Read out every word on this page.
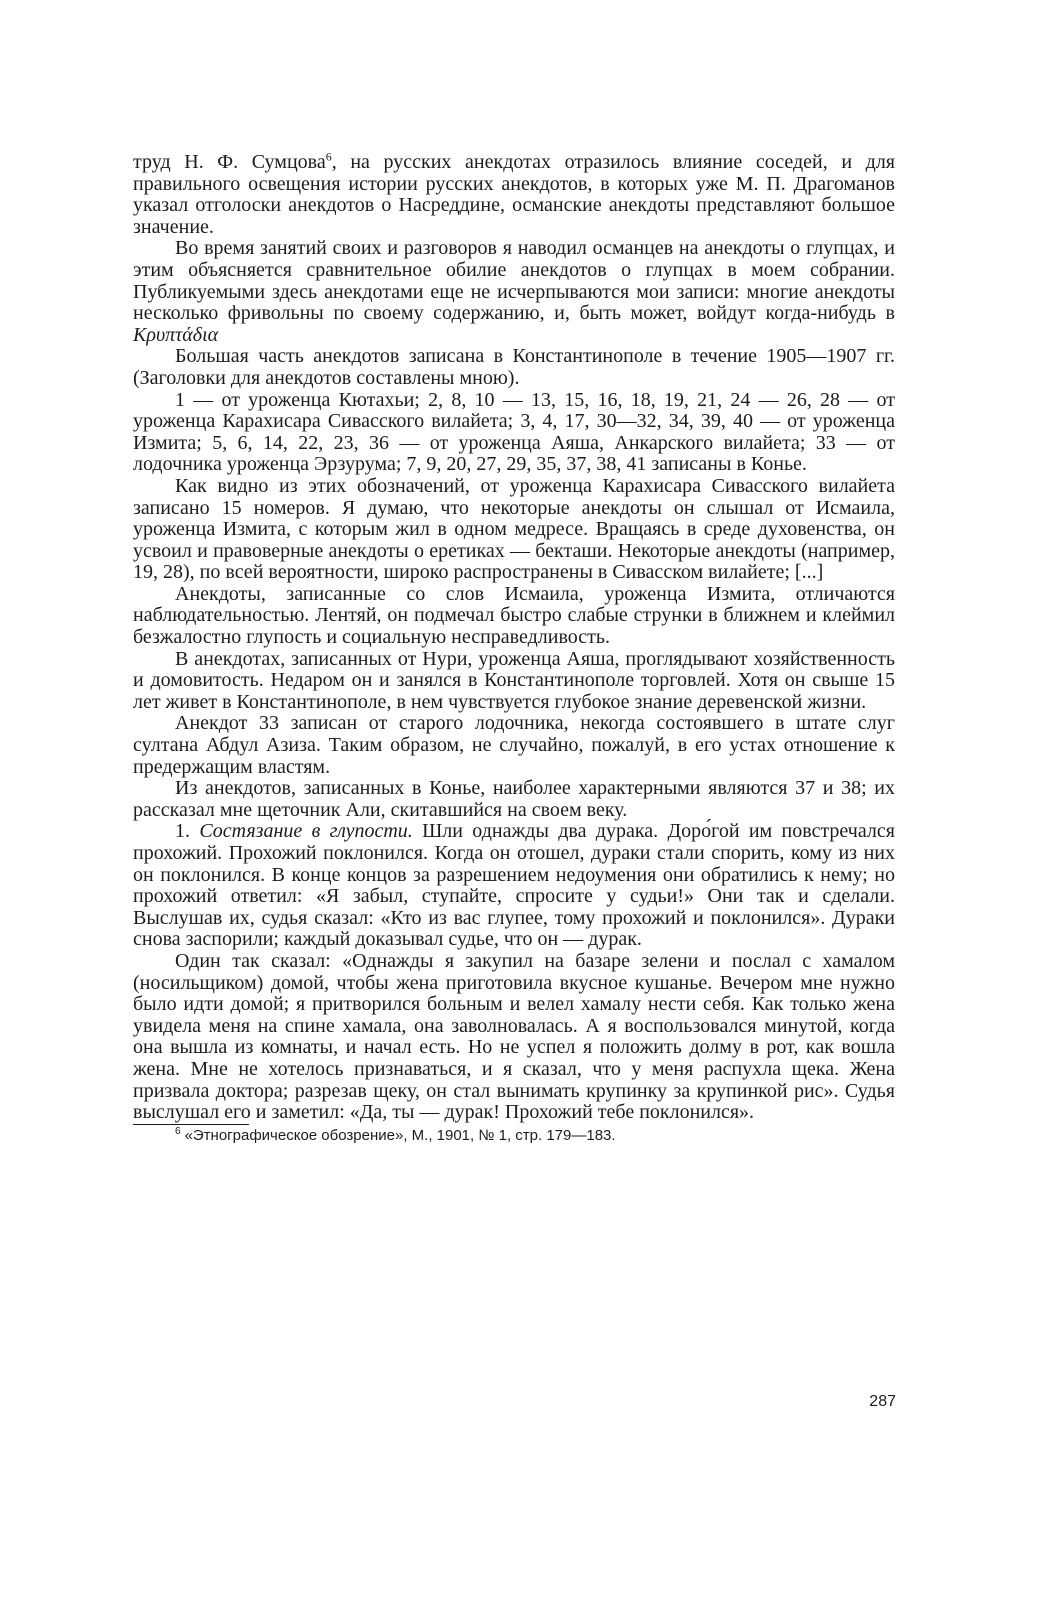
труд Н. Ф. Сумцова$^6$, на русских анекдотах отразилось влияние соседей, и для правильного освещения истории русских анекдотов, в которых уже М. П. Драгоманов указал отголоски анекдотов о Насреддине, османские анекдоты представляют большое значение.

Во время занятий своих и разговоров я наводил османцев на анекдоты о глупцах, и этим объясняется сравнительное обилие анекдотов о глупцах в моем собрании. Публикуемыми здесь анекдотами еще не исчерпываются мои записи: многие анекдоты несколько фривольны по своему содержанию, и, быть может, войдут когда-нибудь в Κρυπτάδια

Большая часть анекдотов записана в Константинополе в течение 1905—1907 гг. (Заголовки для анекдотов составлены мною).

1 — от уроженца Кютахьи; 2, 8, 10 — 13, 15, 16, 18, 19, 21, 24 — 26, 28 — от уроженца Карахисара Сивасского вилайета; 3, 4, 17, 30—32, 34, 39, 40 — от уроженца Измита; 5, 6, 14, 22, 23, 36 — от уроженца Аяша, Анкарского вилайета; 33 — от лодочника уроженца Эрзурума; 7, 9, 20, 27, 29, 35, 37, 38, 41 записаны в Конье.

Как видно из этих обозначений, от уроженца Карахисара Сивасского вилайета записано 15 номеров. Я думаю, что некоторые анекдоты он слышал от Исмаила, уроженца Измита, с которым жил в одном медресе. Вращаясь в среде духовенства, он усвоил и правоверные анекдоты о еретиках — бекташи. Некоторые анекдоты (например, 19, 28), по всей вероятности, широко распространены в Сивасском вилайете; [...]

Анекдоты, записанные со слов Исмаила, уроженца Измита, отличаются наблюдательностью. Лентяй, он подмечал быстро слабые струнки в ближнем и клеймил безжалостно глупость и социальную несправедливость.

В анекдотах, записанных от Нури, уроженца Аяша, проглядывают хозяйственность и домовитость. Недаром он и занялся в Константинополе торговлей. Хотя он свыше 15 лет живет в Константинополе, в нем чувствуется глубокое знание деревенской жизни.

Анекдот 33 записан от старого лодочника, некогда состоявшего в штате слуг султана Абдул Азиза. Таким образом, не случайно, пожалуй, в его устах отношение к предержащим властям.

Из анекдотов, записанных в Конье, наиболее характерными являются 37 и 38; их рассказал мне щеточник Али, скитавшийся на своем веку.

1. Состязание в глупости. Шли однажды два дурака. Доро́гой им повстречался прохожий. Прохожий поклонился. Когда он отошел, дураки стали спорить, кому из них он поклонился. В конце концов за разрешением недоумения они обратились к нему; но прохожий ответил: «Я забыл, ступайте, спросите у судьи!» Они так и сделали. Выслушав их, судья сказал: «Кто из вас глупее, тому прохожий и поклонился». Дураки снова заспорили; каждый доказывал судье, что он — дурак.

Один так сказал: «Однажды я закупил на базаре зелени и послал с хамалом (носильщиком) домой, чтобы жена приготовила вкусное кушанье. Вечером мне нужно было идти домой; я притворился больным и велел хамалу нести себя. Как только жена увидела меня на спине хамала, она заволновалась. А я воспользовался минутой, когда она вышла из комнаты, и начал есть. Но не успел я положить долму в рот, как вошла жена. Мне не хотелось признаваться, и я сказал, что у меня распухла щека. Жена призвала доктора; разрезав щеку, он стал вынимать крупинку за крупинкой рис». Судья выслушал его и заметил: «Да, ты — дурак! Прохожий тебе поклонился».

$^6$ «Этнографическое обозрение», М., 1901, № 1, стр. 179—183.

287
